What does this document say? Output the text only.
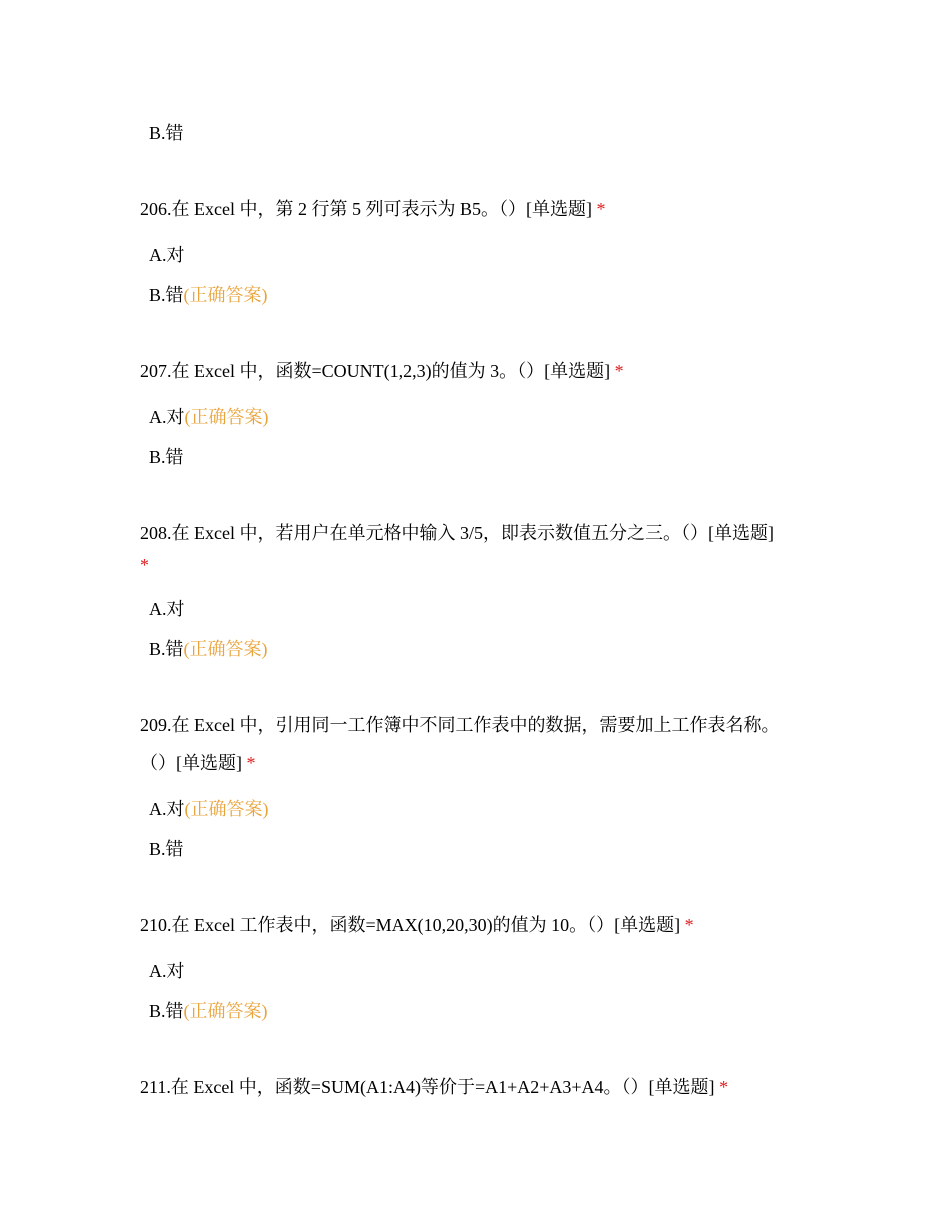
B.错
206.在 Excel 中，第 2 行第 5 列可表示为 B5。（）[单选题] *
A.对
B.错(正确答案)
207.在 Excel 中，函数=COUNT(1,2,3)的值为 3。（）[单选题] *
A.对(正确答案)
B.错
208.在 Excel 中，若用户在单元格中输入 3/5，即表示数值五分之三。（）[单选题]
*
A.对
B.错(正确答案)
209.在 Excel 中，引用同一工作簿中不同工作表中的数据，需要加上工作表名称。
（）[单选题] *
A.对(正确答案)
B.错
210.在 Excel 工作表中，函数=MAX(10,20,30)的值为 10。（）[单选题] *
A.对
B.错(正确答案)
211.在 Excel 中，函数=SUM(A1:A4)等价于=A1+A2+A3+A4。（）[单选题] *
